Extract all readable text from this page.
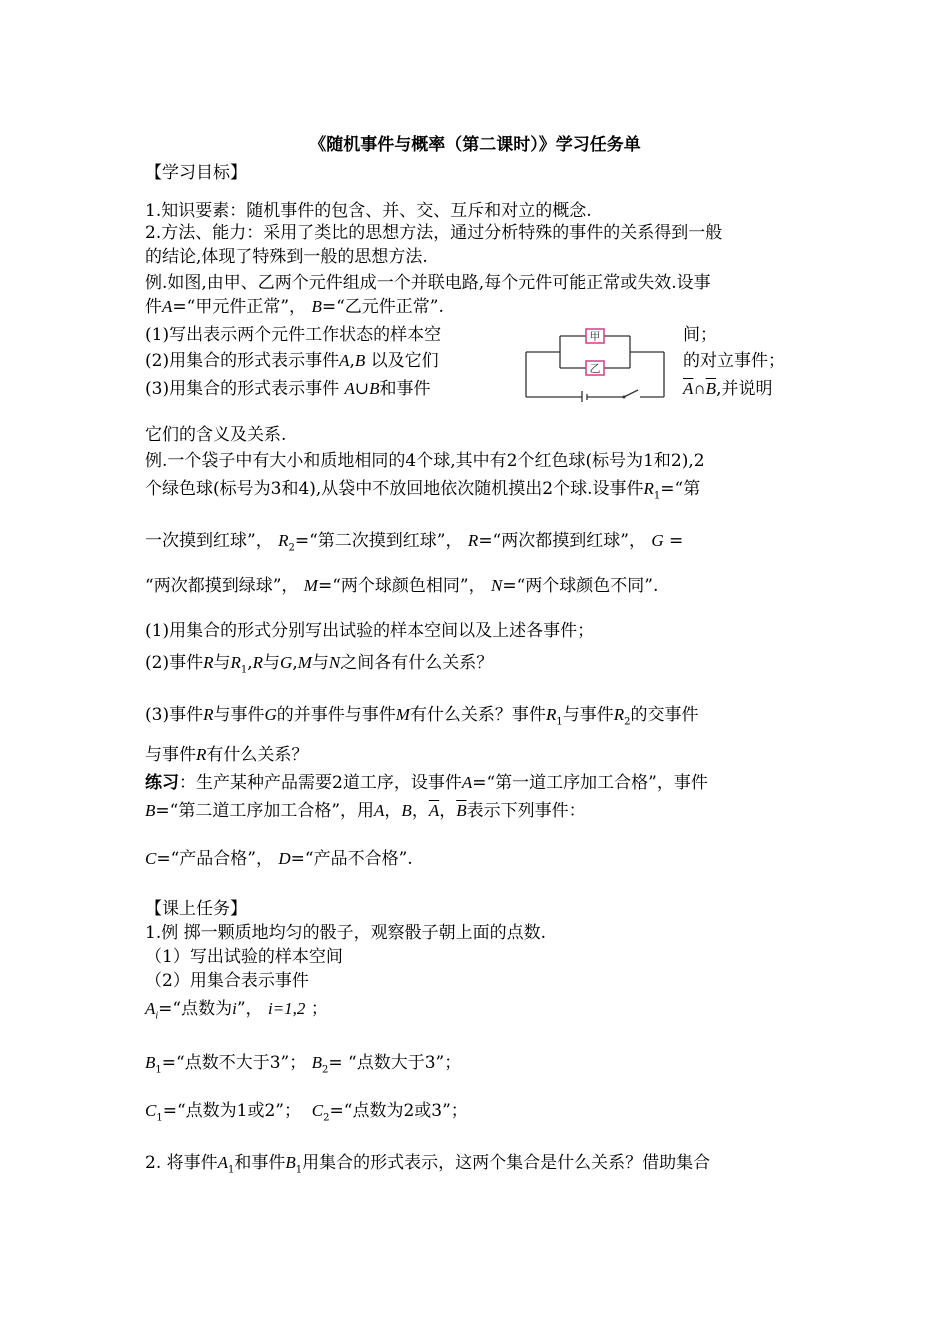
《随机事件与概率（第二课时）》学习任务单
【学习目标】
1.知识要素：随机事件的包含、并、交、互斥和对立的概念.
2.方法、能力：采用了类比的思想方法，通过分析特殊的事件的关系得到一般
的结论,体现了特殊到一般的思想方法.
例.如图,由甲、乙两个元件组成一个并联电路,每个元件可能正常或失效.设事
件A=“甲元件正常”， B=“乙元件正常”.
(1)写出表示两个元件工作状态的样本空	间；
(2)用集合的形式表示事件A,B 以及它们	的对立事件；
(3)用集合的形式表示事件 A∪B和事件	$\overline{A}\cap\overline{B}$,并说明
甲
乙
它们的含义及关系.
例.一个袋子中有大小和质地相同的4个球,其中有2个红色球(标号为1和2),2
个绿色球(标号为3和4),从袋中不放回地依次随机摸出2个球.设事件$R_1=“$第
一次摸到红球”， $R_2=“$第二次摸到红球”， R=“两次都摸到红球”， G =
“两次都摸到绿球”， M=“两个球颜色相同”， N=“两个球颜色不同”.
(1)用集合的形式分别写出试验的样本空间以及上述各事件；
(2)事件R与$R_1,R$与G,M与N之间各有什么关系？
(3)事件R与事件G的并事件与事件M有什么关系？事件$R_1$与事件$R_2$的交事件
与事件R有什么关系？
练习：生产某种产品需要2道工序，设事件A=“第一道工序加工合格”，事件
B=“第二道工序加工合格”，用A，B，$\overline{A}$，$\overline{B}$表示下列事件：
C=“产品合格”， D=“产品不合格”.
【课上任务】
1.例 掷一颗质地均匀的骰子，观察骰子朝上面的点数.
（1）写出试验的样本空间
（2）用集合表示事件
$A_i=“$点数为i”， i=1,2 ；
$B_1=“$点数不大于3”； $B_2=$ “点数大于3”；
$C_1=“$点数为1或2”； $C_2=“$点数为2或3”；
2. 将事件$A_1$和事件$B_1$用集合的形式表示，这两个集合是什么关系？借助集合
